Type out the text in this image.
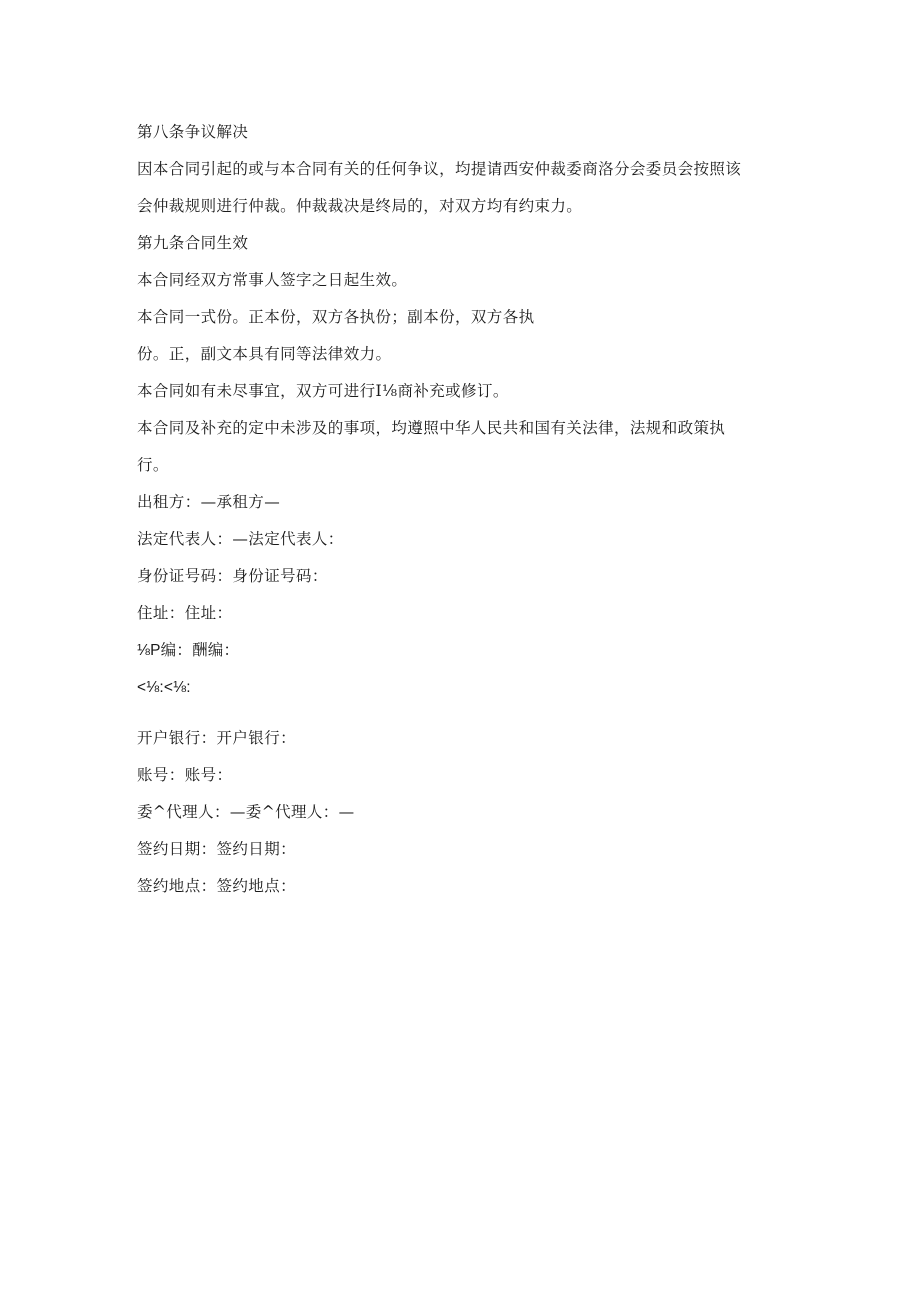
第八条争议解决
因本合同引起的或与本合同有关的任何争议，均提请西安仲裁委商洛分会委员会按照该
会仲裁规则进行仲裁。仲裁裁决是终局的，对双方均有约束力。
第九条合同生效
本合同经双方常事人签字之日起生效。
本合同一式份。正本份，双方各执份；副本份，双方各执
份。正，副文本具有同等法律效力。
本合同如有未尽事宜，双方可进行I⅛商补充或修订。
本合同及补充的定中未涉及的事项，均遵照中华人民共和国有关法律，法规和政策执
行。
出租方：—承租方—
法定代表人：—法定代表人：
身份证号码：身份证号码：
住址：住址：
⅛P编：酬编：
<⅛:<⅛:
开户银行：开户银行：
账号：账号：
委^代理人：—委^代理人：—
签约日期：签约日期：
签约地点：签约地点：
